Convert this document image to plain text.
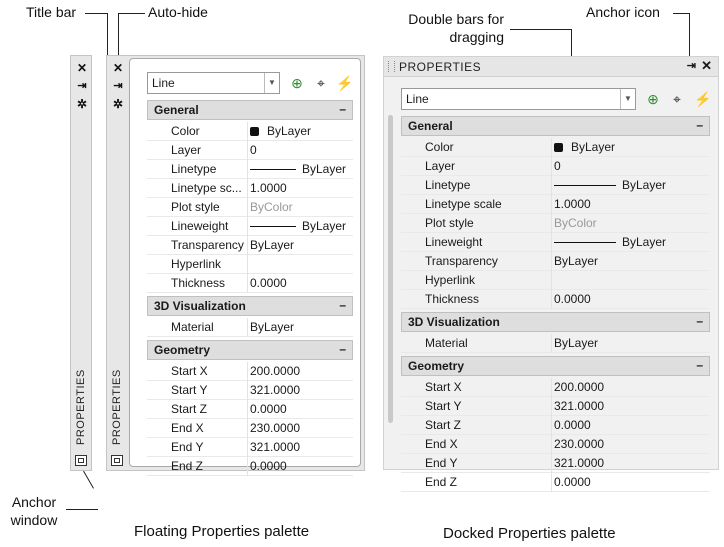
Title bar	Auto-hide	Double bars for
dragging
Anchor icon
Anchor
window
Floating Properties palette	Docked Properties palette
✕
⇥
✲
PROPERTIES
✕
⇥
✲
PROPERTIES
Line	▼ ⊕	⌖ ⚡
General	–
Color	ByLayer
Layer	0
Linetype	ByLayer
Linetype sc... 1.0000
Plot style	ByColor
Lineweight	ByLayer
Transparency ByLayer
Hyperlink
Thickness	0.0000
3D Visualization	–
Material	ByLayer
Geometry	–
Start X	200.0000
Start Y	321.0000
Start Z	0.0000
End X	230.0000
End Y	321.0000
End Z	0.0000
PROPERTIES	⇥ ✕
Line	▼ ⊕	⌖ ⚡
General	–
Color	ByLayer
Layer	0
Linetype	ByLayer
Linetype scale	1.0000
Plot style	ByColor
Lineweight	ByLayer
Transparency	ByLayer
Hyperlink
Thickness	0.0000
3D Visualization	–
Material	ByLayer
Geometry	–
Start X	200.0000
Start Y	321.0000
Start Z	0.0000
End X	230.0000
End Y	321.0000
End Z	0.0000
